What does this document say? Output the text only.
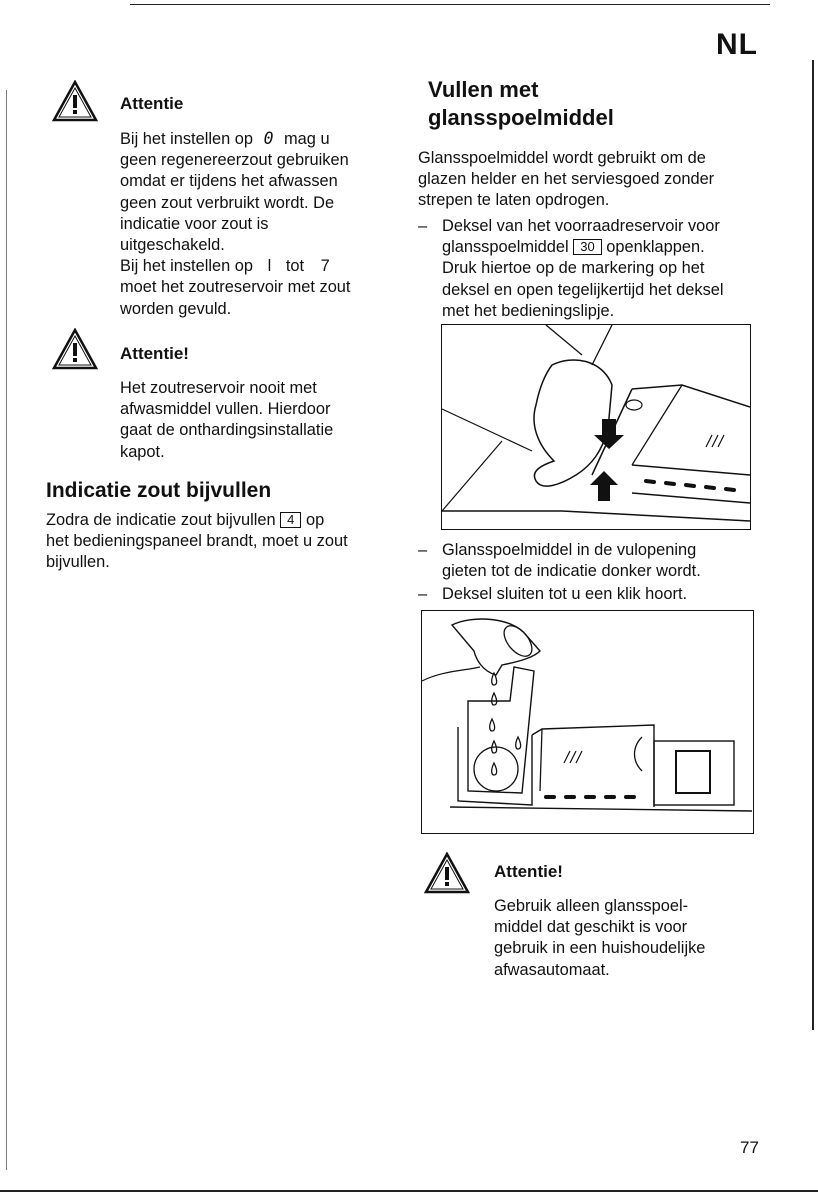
NL
Attentie
Bij het instellen op 0 mag u
geen regenereerzout gebruiken
omdat er tijdens het afwassen
geen zout verbruikt wordt. De
indicatie voor zout is
uitgeschakeld.
Bij het instellen op l tot 7
moet het zoutreservoir met zout
worden gevuld.
Attentie!
Het zoutreservoir nooit met
afwasmiddel vullen. Hierdoor
gaat de onthardingsinstallatie
kapot.
Indicatie zout bijvullen
Zodra de indicatie zout bijvullen 4 op
het bedieningspaneel brandt, moet u zout
bijvullen.
Vullen met
glansspoelmiddel
Glansspoelmiddel wordt gebruikt om de
glazen helder en het serviesgoed zonder
strepen te laten opdrogen.
– Deksel van het voorraadreservoir voor
glansspoelmiddel 30 openklappen.
Druk hiertoe op de markering op het
deksel en open tegelijkertijd het deksel
met het bedieningslipje.
– Glansspoelmiddel in de vulopening
gieten tot de indicatie donker wordt.
– Deksel sluiten tot u een klik hoort.
Attentie!
Gebruik alleen glansspoel-
middel dat geschikt is voor
gebruik in een huishoudelijke
afwasautomaat.
77
